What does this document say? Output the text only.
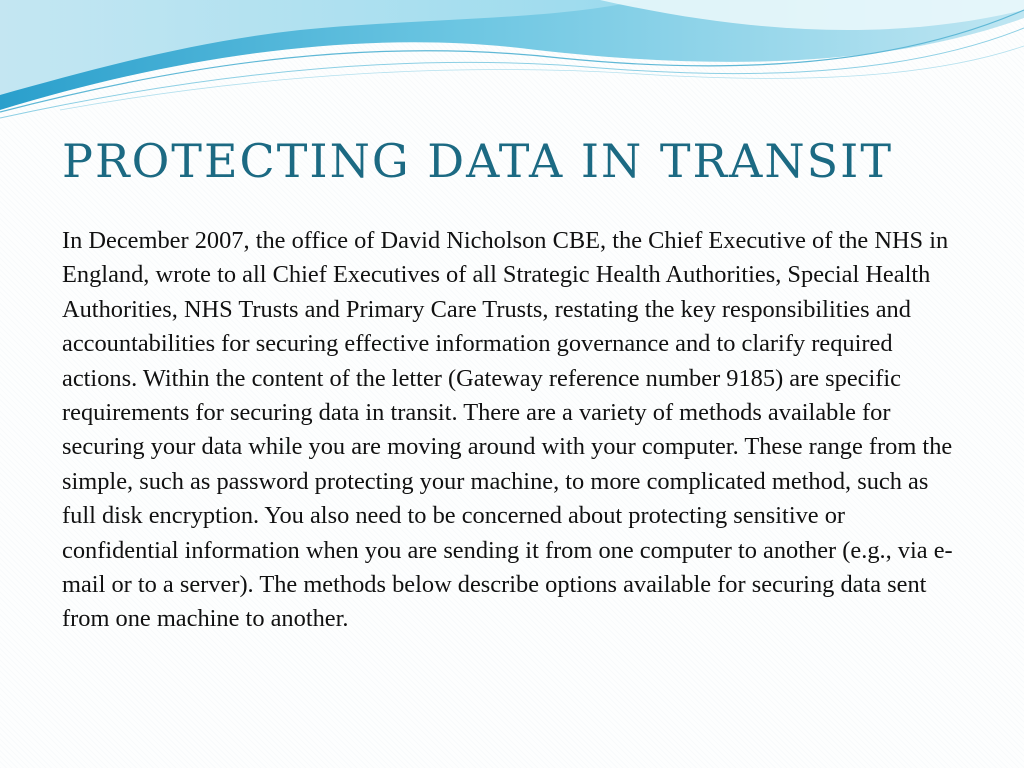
PROTECTING DATA IN TRANSIT

In December 2007, the office of David Nicholson CBE, the Chief Executive of the NHS in England, wrote to all Chief Executives of all Strategic Health Authorities, Special Health Authorities, NHS Trusts and Primary Care Trusts, restating the key responsibilities and accountabilities for securing effective information governance and to clarify required actions. Within the content of the letter (Gateway reference number 9185) are specific requirements for securing data in transit. There are a variety of methods available for securing your data while you are moving around with your computer. These range from the simple, such as password protecting your machine, to more complicated method, such as full disk encryption. You also need to be concerned about protecting sensitive or confidential information when you are sending it from one computer to another (e.g., via e-mail or to a server). The methods below describe options available for securing data sent from one machine to another.
